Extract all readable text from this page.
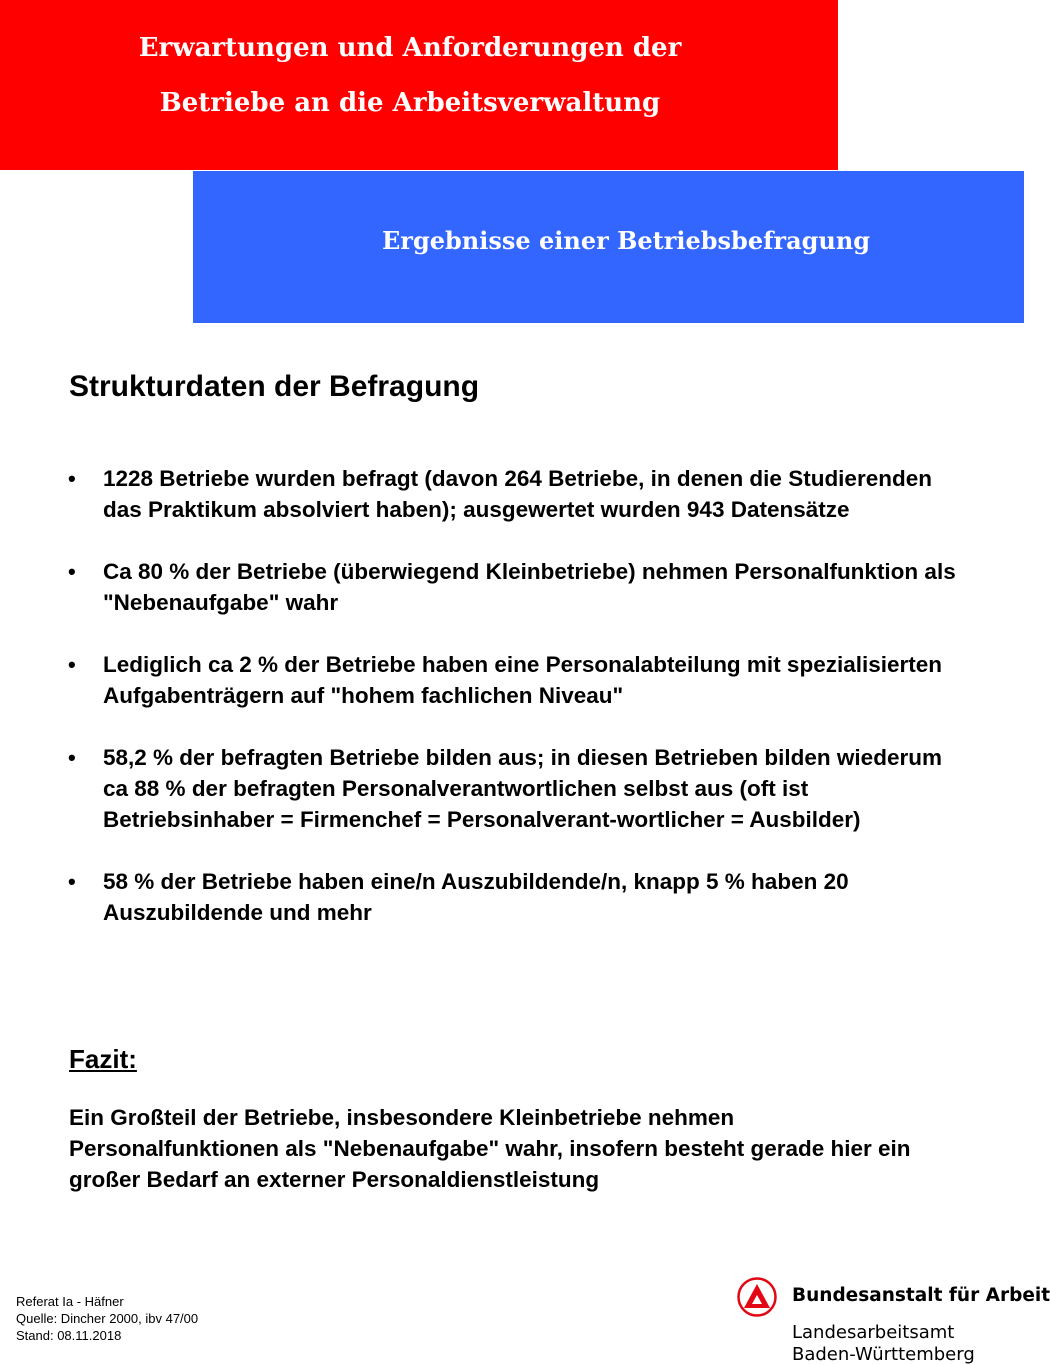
Erwartungen und Anforderungen der
Betriebe an die Arbeitsverwaltung
Ergebnisse einer Betriebsbefragung
Strukturdaten der Befragung
• 1228 Betriebe wurden befragt (davon 264 Betriebe, in denen die Studierenden das Praktikum absolviert haben); ausgewertet wurden 943 Datensätze
• Ca 80 % der Betriebe (überwiegend Kleinbetriebe) nehmen Personalfunktion als "Nebenaufgabe" wahr
• Lediglich ca 2 % der Betriebe haben eine Personalabteilung mit spezialisierten Aufgabenträgern auf "hohem fachlichen Niveau"
• 58,2 % der befragten Betriebe bilden aus; in diesen Betrieben bilden wiederum ca 88 % der befragten Personalverantwortlichen selbst aus (oft ist Betriebsinhaber = Firmenchef = Personalverant-wortlicher = Ausbilder)
• 58 % der Betriebe haben eine/n Auszubildende/n, knapp 5 % haben 20 Auszubildende und mehr
Fazit:
Ein Großteil der Betriebe, insbesondere Kleinbetriebe nehmen Personalfunktionen als "Nebenaufgabe" wahr, insofern besteht gerade hier ein großer Bedarf an externer Personaldienstleistung
Referat Ia - Häfner
Quelle: Dincher 2000, ibv 47/00
Stand: 08.11.2018
Bundesanstalt für Arbeit
Landesarbeitsamt
Baden-Württemberg
